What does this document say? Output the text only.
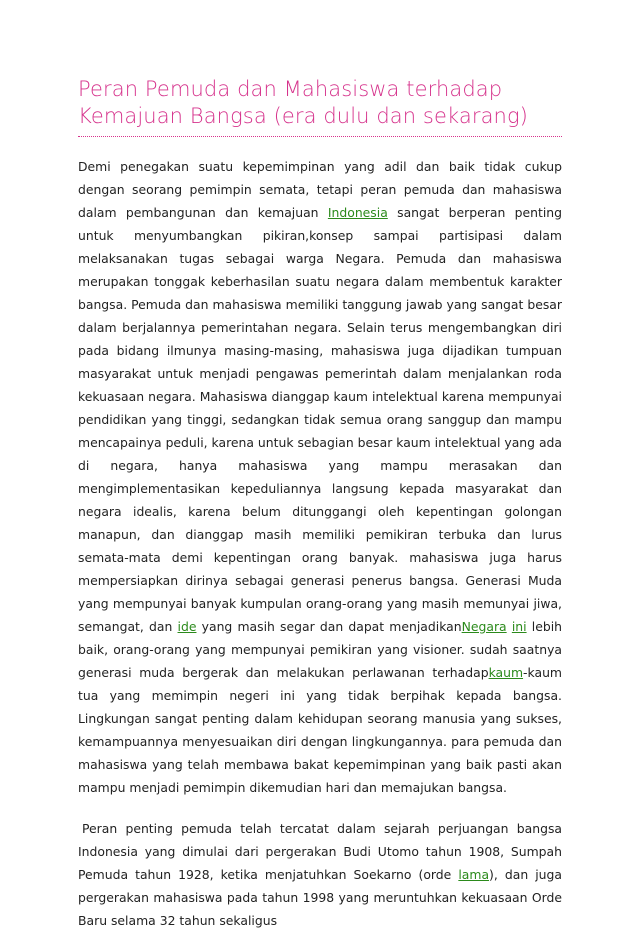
Peran Pemuda dan Mahasiswa terhadap Kemajuan Bangsa (era dulu dan sekarang)

Demi penegakan suatu kepemimpinan yang adil dan baik tidak cukup dengan seorang pemimpin semata, tetapi peran pemuda dan mahasiswa dalam pembangunan dan kemajuan Indonesia sangat berperan penting untuk menyumbangkan pikiran,konsep sampai partisipasi dalam melaksanakan tugas sebagai warga Negara. Pemuda dan mahasiswa merupakan tonggak keberhasilan suatu negara dalam membentuk karakter bangsa. Pemuda dan mahasiswa memiliki tanggung jawab yang sangat besar dalam berjalannya pemerintahan negara. Selain terus mengembangkan diri pada bidang ilmunya masing-masing, mahasiswa juga dijadikan tumpuan masyarakat untuk menjadi pengawas pemerintah dalam menjalankan roda kekuasaan negara. Mahasiswa dianggap kaum intelektual karena mempunyai pendidikan yang tinggi, sedangkan tidak semua orang sanggup dan mampu mencapainya peduli, karena untuk sebagian besar kaum intelektual yang ada di negara, hanya mahasiswa yang mampu merasakan dan mengimplementasikan kepeduliannya langsung kepada masyarakat dan negara idealis, karena belum ditunggangi oleh kepentingan golongan manapun, dan dianggap masih memiliki pemikiran terbuka dan lurus semata-mata demi kepentingan orang banyak. mahasiswa juga harus mempersiapkan dirinya sebagai generasi penerus bangsa. Generasi Muda yang mempunyai banyak kumpulan orang-orang yang masih memunyai jiwa, semangat, dan ide yang masih segar dan dapat menjadikanNegara ini lebih baik, orang-orang yang mempunyai pemikiran yang visioner. sudah saatnya generasi muda bergerak dan melakukan perlawanan terhadapkaum-kaum tua yang memimpin negeri ini yang tidak berpihak kepada bangsa. Lingkungan sangat penting dalam kehidupan seorang manusia yang sukses, kemampuannya menyesuaikan diri dengan lingkungannya. para pemuda dan mahasiswa yang telah membawa bakat kepemimpinan yang baik pasti akan mampu menjadi pemimpin dikemudian hari dan memajukan bangsa.

Peran penting pemuda telah tercatat dalam sejarah perjuangan bangsa Indonesia yang dimulai dari pergerakan Budi Utomo tahun 1908, Sumpah Pemuda tahun 1928, ketika menjatuhkan Soekarno (orde lama), dan juga pergerakan mahasiswa pada tahun 1998 yang meruntuhkan kekuasaan Orde Baru selama 32 tahun sekaligus
